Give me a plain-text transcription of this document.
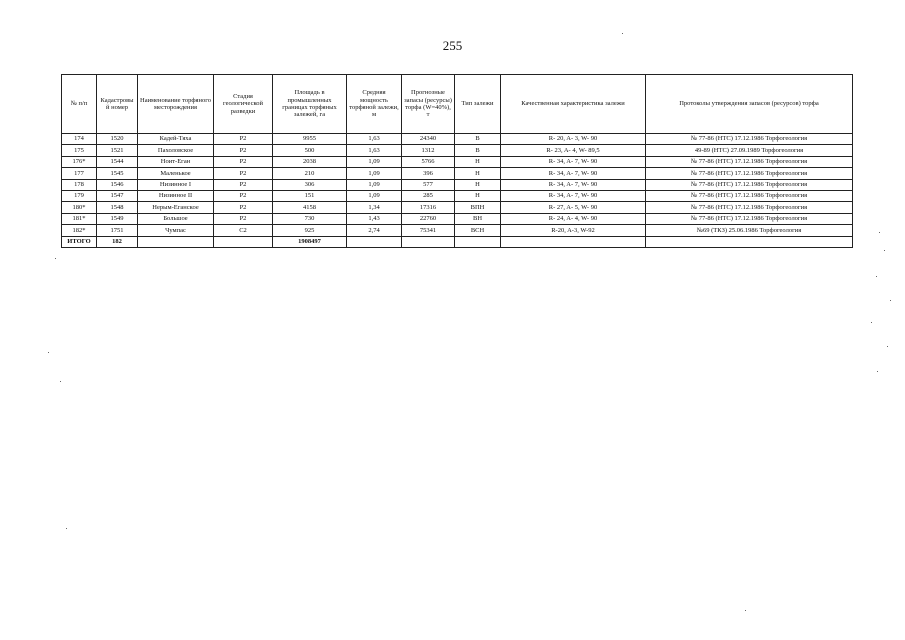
255
№ п/п	Кадастровы й номер	Наименование торфяного месторождения	Стадия геологической разведки	Площадь в промышленных границах торфяных залежей, га	Средняя мощность торфяной залежи, м	Прогнозные запасы (ресурсы) торфа (W=40%), т	Тип залежи	Качественная характеристика залежи	Протоколы утверждения запасов (ресурсов) торфа
174	1520	Кадей-Тяха	P2	9955	1,63	24340	В	R- 20, A- 3, W- 90	№ 77-86 (НТС) 17.12.1986 Торфогеология
175	1521	Пахоловское	P2	500	1,63	1312	В	R- 23, A- 4, W- 89,5	49-89 (НТС) 27.09.1989 Торфогеология
176*	1544	Ноит-Еган	P2	2038	1,09	5766	Н	R- 34, A- 7, W- 90	№ 77-86 (НТС) 17.12.1986 Торфогеология
177	1545	Маленькое	P2	210	1,09	396	Н	R- 34, A- 7, W- 90	№ 77-86 (НТС) 17.12.1986 Торфогеология
178	1546	Низинное I	P2	306	1,09	577	Н	R- 34, A- 7, W- 90	№ 77-86 (НТС) 17.12.1986 Торфогеология
179	1547	Низинное II	P2	151	1,09	285	Н	R- 34, A- 7, W- 90	№ 77-86 (НТС) 17.12.1986 Торфогеология
180*	1548	Нерым-Еганское	P2	4158	1,34	17316	ВПН	R- 27, A- 5, W- 90	№ 77-86 (НТС) 17.12.1986 Торфогеология
181*	1549	Большое	P2	730	1,43	22760	ВН	R- 24, A- 4, W- 90	№ 77-86 (НТС) 17.12.1986 Торфогеология
182*	1751	Чумпас	C2	925	2,74	75341	ВСН	R-20, A-3, W-92	№69 (ТКЗ) 25.06.1986 Торфогеология
ИТОГО	182			1908497					
